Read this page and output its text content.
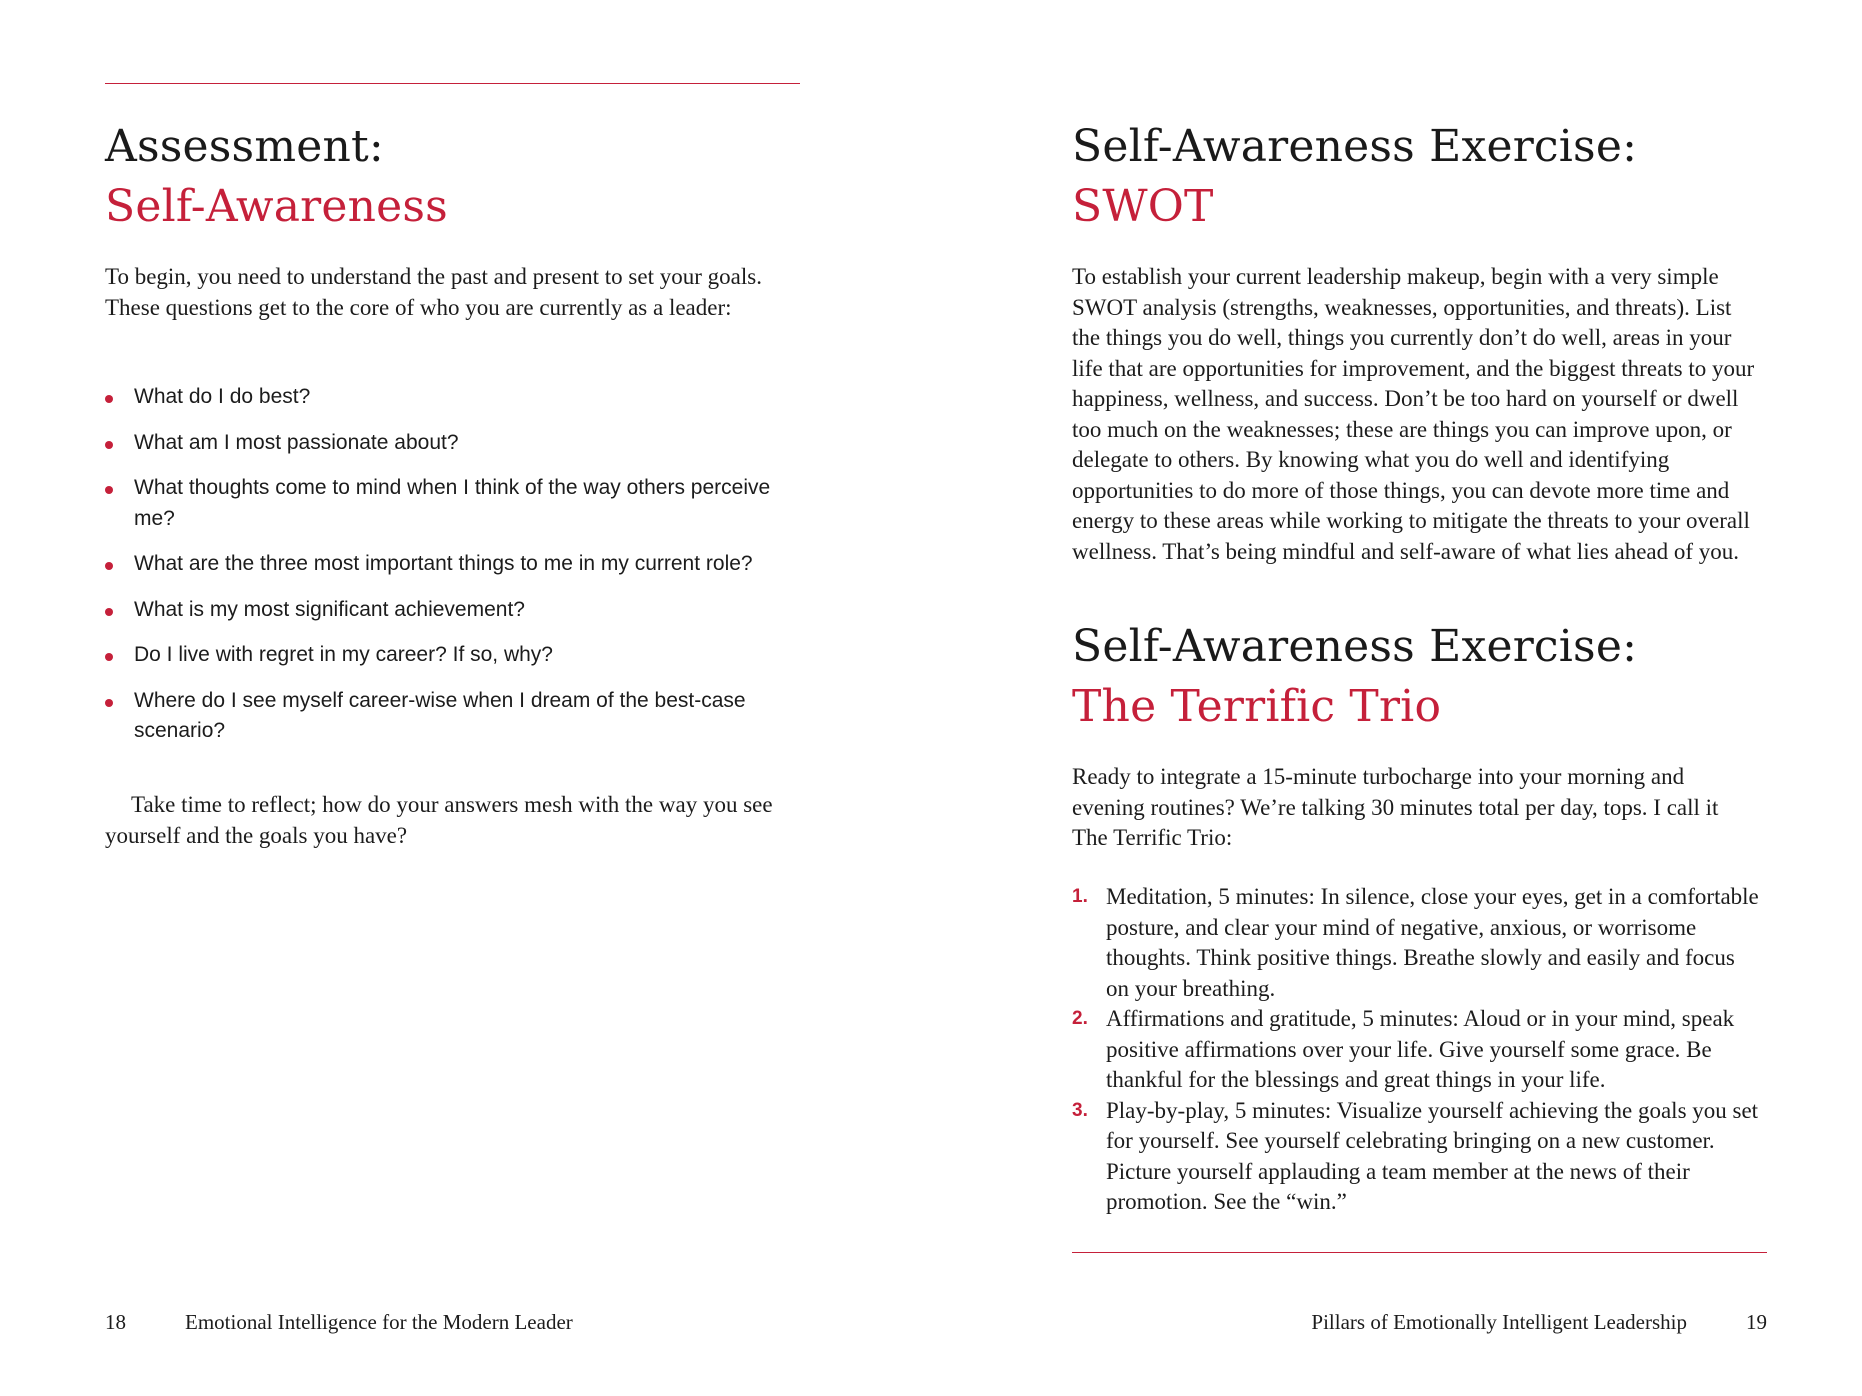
Assessment:
Self-Awareness

To begin, you need to understand the past and present to set your goals. These questions get to the core of who you are currently as a leader:

What do I do best?
What am I most passionate about?
What thoughts come to mind when I think of the way others perceive me?
What are the three most important things to me in my current role?
What is my most significant achievement?
Do I live with regret in my career? If so, why?
Where do I see myself career-wise when I dream of the best-case scenario?

Take time to reflect; how do your answers mesh with the way you see yourself and the goals you have?

18	Emotional Intelligence for the Modern Leader
Self-Awareness Exercise:
SWOT

To establish your current leadership makeup, begin with a very simple SWOT analysis (strengths, weaknesses, opportunities, and threats). List the things you do well, things you currently don’t do well, areas in your life that are opportunities for improvement, and the biggest threats to your happiness, wellness, and success. Don’t be too hard on yourself or dwell too much on the weaknesses; these are things you can improve upon, or delegate to others. By knowing what you do well and identifying opportunities to do more of those things, you can devote more time and energy to these areas while working to mitigate the threats to your overall wellness. That’s being mindful and self-aware of what lies ahead of you.

Self-Awareness Exercise:
The Terrific Trio

Ready to integrate a 15-minute turbocharge into your morning and evening routines? We’re talking 30 minutes total per day, tops. I call it The Terrific Trio:

1. Meditation, 5 minutes: In silence, close your eyes, get in a comfortable posture, and clear your mind of negative, anxious, or worrisome thoughts. Think positive things. Breathe slowly and easily and focus on your breathing.
2. Affirmations and gratitude, 5 minutes: Aloud or in your mind, speak positive affirmations over your life. Give yourself some grace. Be thankful for the blessings and great things in your life.
3. Play-by-play, 5 minutes: Visualize yourself achieving the goals you set for yourself. See yourself celebrating bringing on a new customer. Picture yourself applauding a team member at the news of their promotion. See the “win.”
Pillars of Emotionally Intelligent Leadership	19
